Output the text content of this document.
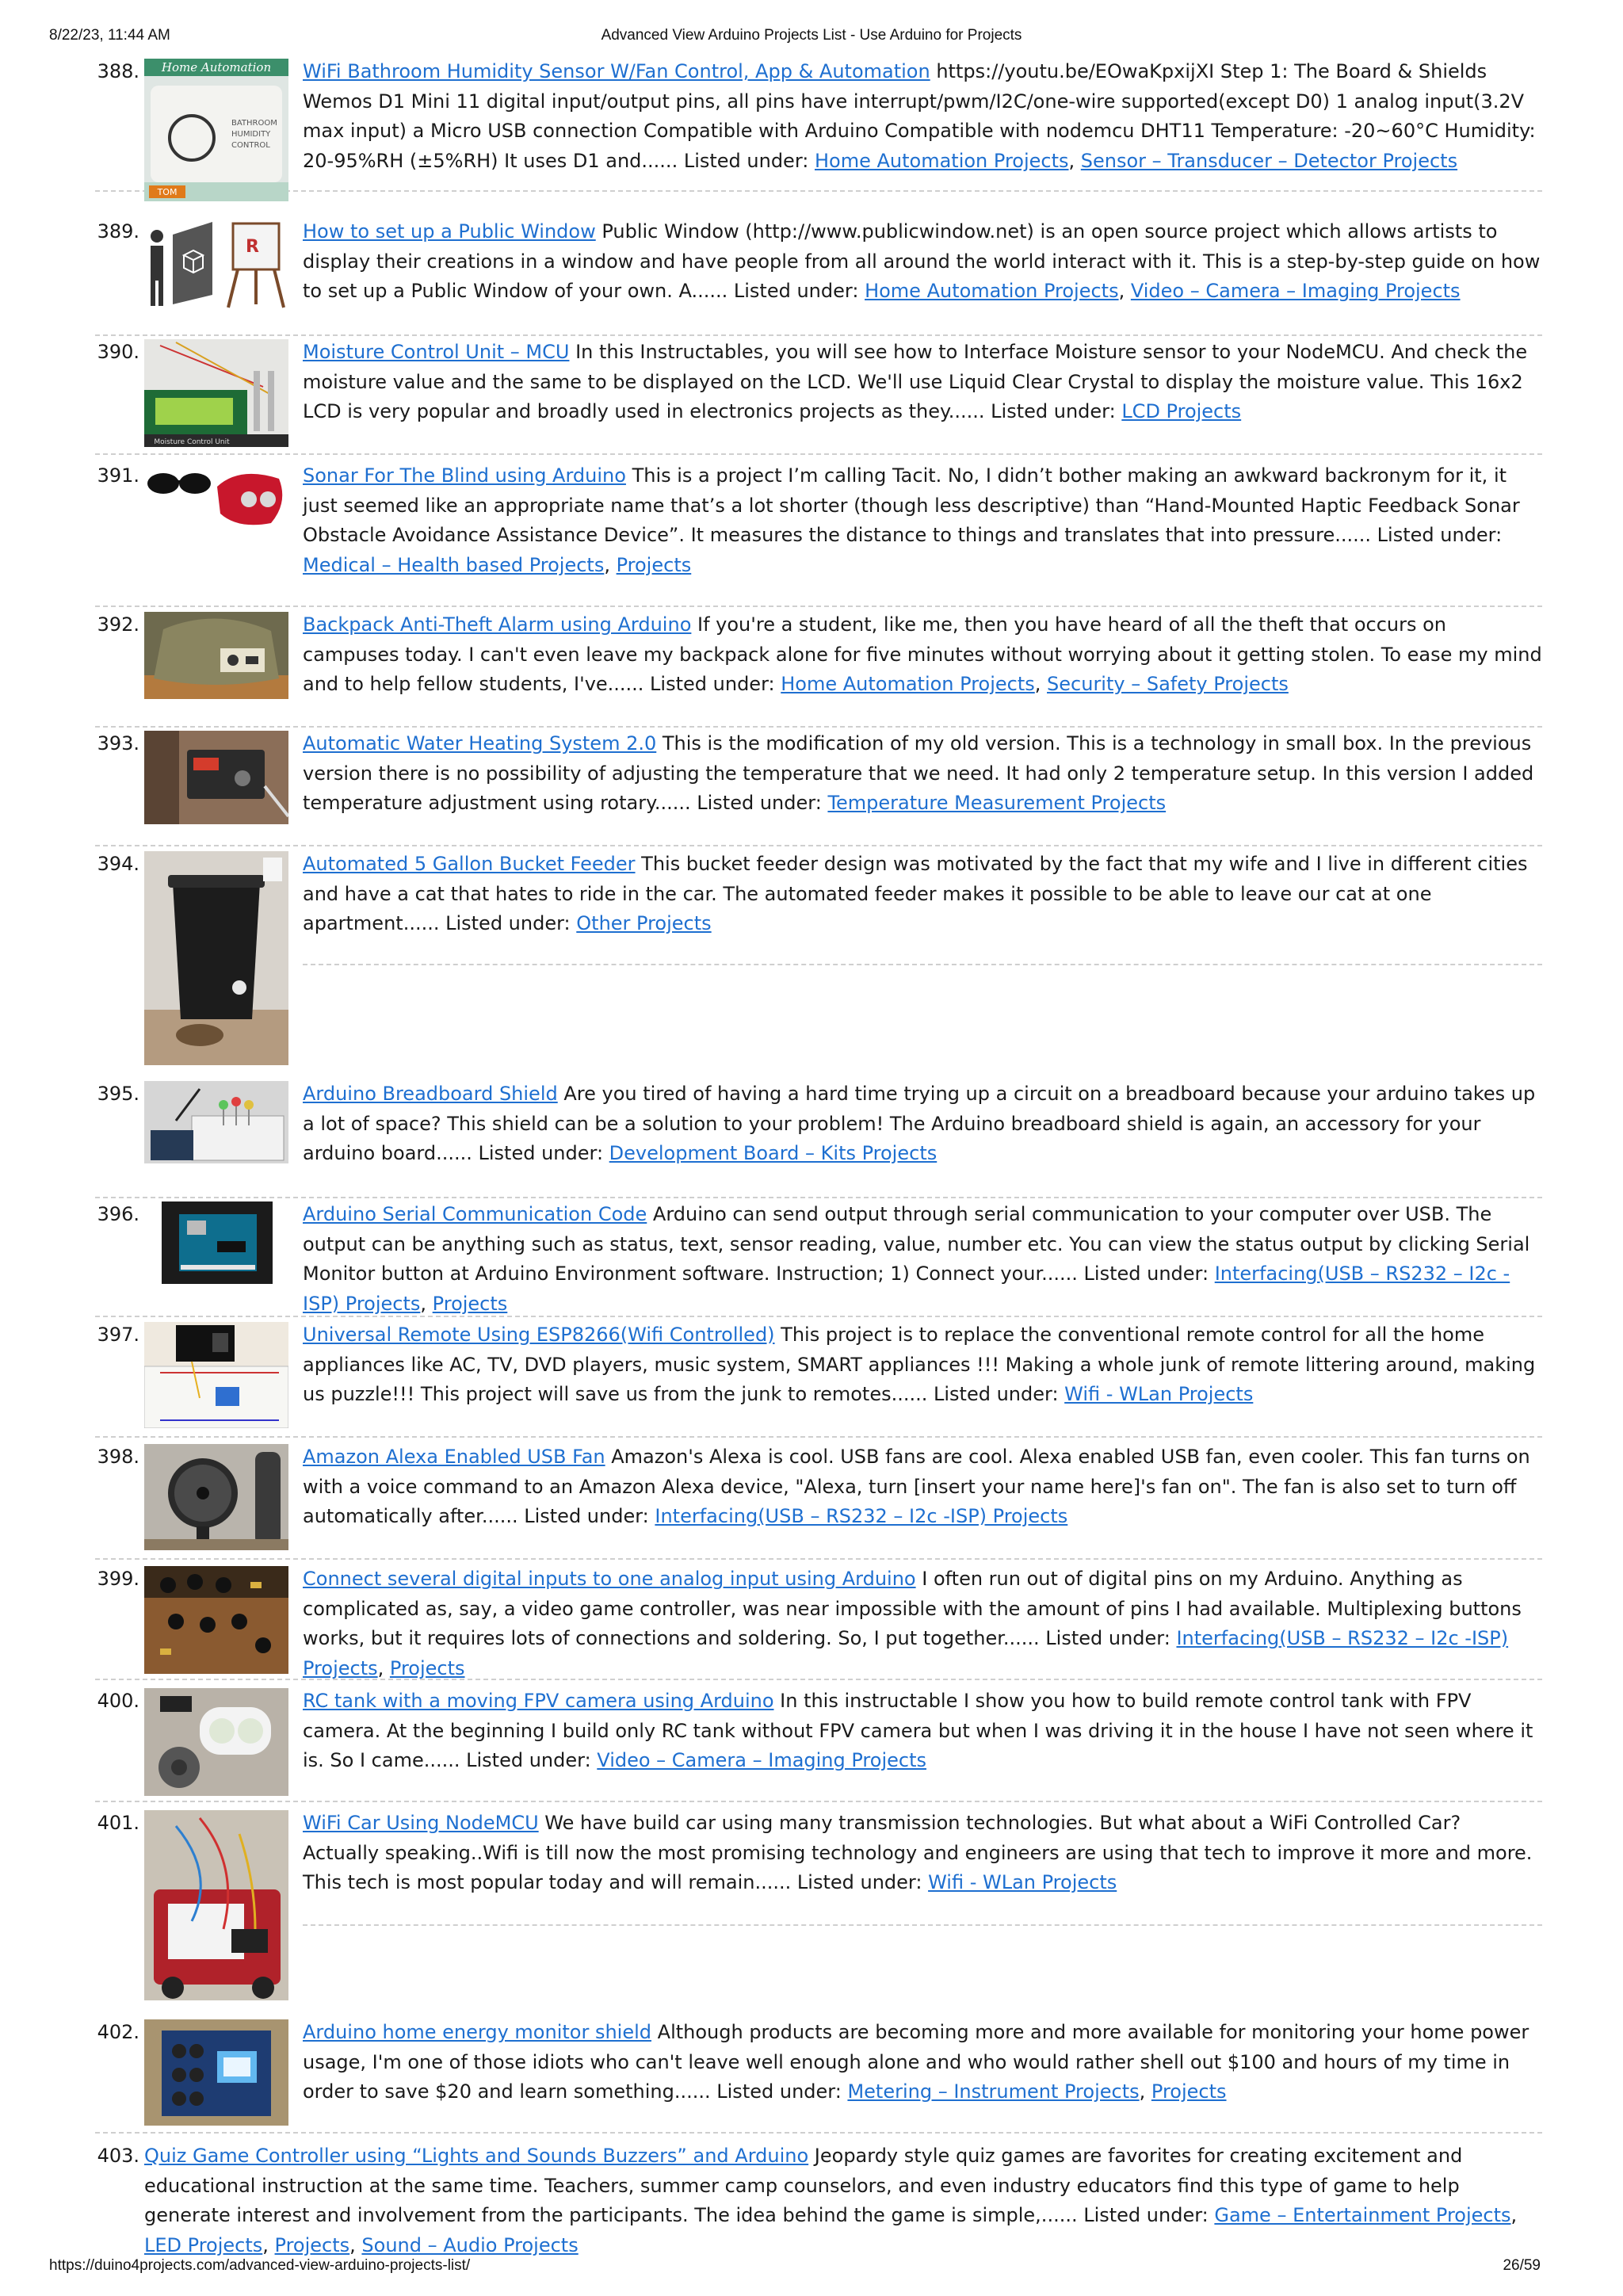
8/22/23, 11:44 AM	Advanced View Arduino Projects List - Use Arduino for Projects
388. Home Automation
BATHROOM
HUMIDITY
CONTROL
TOM
WiFi Bathroom Humidity Sensor W/Fan Control, App & Automation https://youtu.be/EOwaKpxijXI Step 1: The Board & Shields Wemos D1 Mini 11 digital input/output pins, all pins have interrupt/pwm/I2C/one-wire supported(except D0) 1 analog input(3.2V max input) a Micro USB connection Compatible with Arduino Compatible with nodemcu DHT11 Temperature: -20~60°C Humidity: 20-95%RH (±5%RH) It uses D1 and...... Listed under: Home Automation Projects, Sensor – Transducer – Detector Projects
389.
R
How to set up a Public Window Public Window (http://www.publicwindow.net) is an open source project which allows artists to display their creations in a window and have people from all around the world interact with it. This is a step-by-step guide on how to set up a Public Window of your own. A...... Listed under: Home Automation Projects, Video – Camera – Imaging Projects
390.
Moisture Control Unit
Moisture Control Unit – MCU In this Instructables, you will see how to Interface Moisture sensor to your NodeMCU. And check the moisture value and the same to be displayed on the LCD. We'll use Liquid Clear Crystal to display the moisture value. This 16x2 LCD is very popular and broadly used in electronics projects as they...... Listed under: LCD Projects
391.	Sonar For The Blind using Arduino This is a project I’m calling Tacit. No, I didn’t bother making an awkward backronym for it, it just seemed like an appropriate name that’s a lot shorter (though less descriptive) than “Hand-Mounted Haptic Feedback Sonar Obstacle Avoidance Assistance Device”. It measures the distance to things and translates that into pressure...... Listed under: Medical – Health based Projects, Projects
392.	Backpack Anti-Theft Alarm using Arduino If you're a student, like me, then you have heard of all the theft that occurs on campuses today. I can't even leave my backpack alone for five minutes without worrying about it getting stolen. To ease my mind and to help fellow students, I've...... Listed under: Home Automation Projects, Security – Safety Projects
393.	Automatic Water Heating System 2.0 This is the modification of my old version. This is a technology in small box. In the previous version there is no possibility of adjusting the temperature that we need. It had only 2 temperature setup. In this version I added temperature adjustment using rotary...... Listed under: Temperature Measurement Projects
394.	Automated 5 Gallon Bucket Feeder This bucket feeder design was motivated by the fact that my wife and I live in different cities and have a cat that hates to ride in the car. The automated feeder makes it possible to be able to leave our cat at one apartment...... Listed under: Other Projects
395.	Arduino Breadboard Shield Are you tired of having a hard time trying up a circuit on a breadboard because your arduino takes up a lot of space? This shield can be a solution to your problem! The Arduino breadboard shield is again, an accessory for your arduino board...... Listed under: Development Board – Kits Projects
396.	Arduino Serial Communication Code Arduino can send output through serial communication to your computer over USB. The output can be anything such as status, text, sensor reading, value, number etc. You can view the status output by clicking Serial Monitor button at Arduino Environment software. Instruction; 1) Connect your...... Listed under: Interfacing(USB – RS232 – I2c -ISP) Projects, Projects
397.	Universal Remote Using ESP8266(Wifi Controlled) This project is to replace the conventional remote control for all the home appliances like AC, TV, DVD players, music system, SMART appliances !!! Making a whole junk of remote littering around, making us puzzle!!! This project will save us from the junk to remotes...... Listed under: Wifi - WLan Projects
398.	Amazon Alexa Enabled USB Fan Amazon's Alexa is cool. USB fans are cool. Alexa enabled USB fan, even cooler. This fan turns on with a voice command to an Amazon Alexa device, "Alexa, turn [insert your name here]'s fan on". The fan is also set to turn off automatically after...... Listed under: Interfacing(USB – RS232 – I2c -ISP) Projects
399.	Connect several digital inputs to one analog input using Arduino I often run out of digital pins on my Arduino. Anything as complicated as, say, a video game controller, was near impossible with the amount of pins I had available. Multiplexing buttons works, but it requires lots of connections and soldering. So, I put together...... Listed under: Interfacing(USB – RS232 – I2c -ISP) Projects, Projects
400.	RC tank with a moving FPV camera using Arduino In this instructable I show you how to build remote control tank with FPV camera. At the beginning I build only RC tank without FPV camera but when I was driving it in the house I have not seen where it is. So I came...... Listed under: Video – Camera – Imaging Projects
401.	WiFi Car Using NodeMCU We have build car using many transmission technologies. But what about a WiFi Controlled Car? Actually speaking..Wifi is till now the most promising technology and engineers are using that tech to improve it more and more. This tech is most popular today and will remain...... Listed under: Wifi - WLan Projects
402.	Arduino home energy monitor shield Although products are becoming more and more available for monitoring your home power usage, I'm one of those idiots who can't leave well enough alone and who would rather shell out $100 and hours of my time in order to save $20 and learn something...... Listed under: Metering – Instrument Projects, Projects
403. Quiz Game Controller using “Lights and Sounds Buzzers” and Arduino Jeopardy style quiz games are favorites for creating excitement and educational instruction at the same time. Teachers, summer camp counselors, and even industry educators find this type of game to help generate interest and involvement from the participants. The idea behind the game is simple,...... Listed under: Game – Entertainment Projects, LED Projects, Projects, Sound – Audio Projects
https://duino4projects.com/advanced-view-arduino-projects-list/	26/59
